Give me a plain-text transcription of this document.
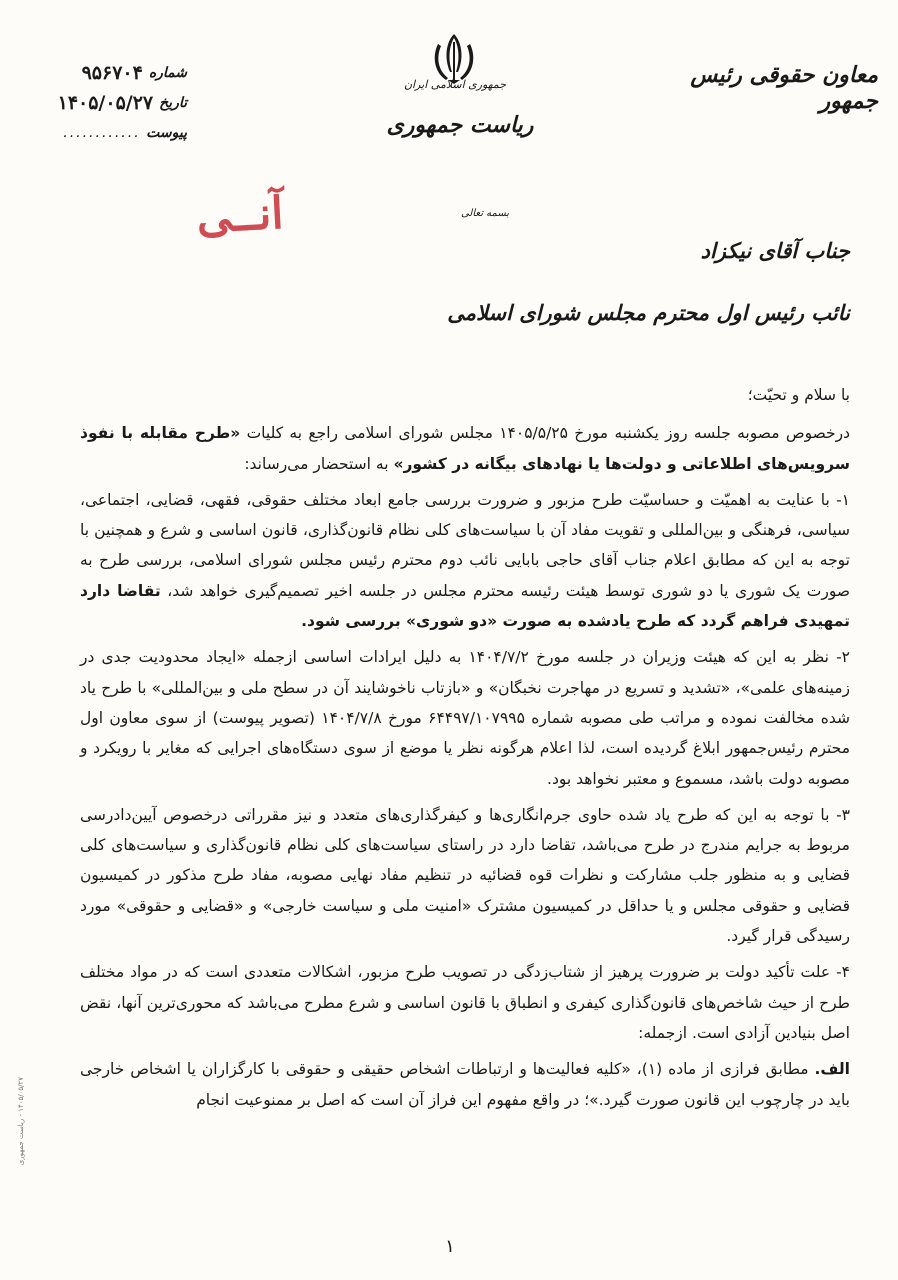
جمهوری اسلامی ایران
ریاست جمهوری
معاون حقوقی رئیس جمهور
شماره
۹۵۶۷۰۴
تاریخ
۱۴۰۵/۰۵/۲۷
پیوست
............
بسمه تعالی
آنــی
جناب آقای نیکزاد
نائب رئیس اول محترم مجلس شورای اسلامی

با سلام و تحیّت؛

درخصوص مصوبه جلسه روز یکشنبه مورخ ۱۴۰۵/۵/۲۵ مجلس شورای اسلامی راجع به کلیات «طرح مقابله با نفوذ سرویس‌های اطلاعاتی و دولت‌ها یا نهادهای بیگانه در کشور» به استحضار می‌رساند:

۱- با عنایت به اهمیّت و حساسیّت طرح مزبور و ضرورت بررسی جامع ابعاد مختلف حقوقی، فقهی، قضایی، اجتماعی، سیاسی، فرهنگی و بین‌المللی و تقویت مفاد آن با سیاست‌های کلی نظام قانون‌گذاری، قانون اساسی و شرع و همچنین با توجه به این که مطابق اعلام جناب آقای حاجی بابایی نائب دوم محترم رئیس مجلس شورای اسلامی، بررسی طرح به صورت یک شوری یا دو شوری توسط هیئت رئیسه محترم مجلس در جلسه اخیر تصمیم‌گیری خواهد شد، تقاضا دارد تمهیدی فراهم گردد که طرح یادشده به صورت «دو شوری» بررسی شود.

۲- نظر به این که هیئت وزیران در جلسه مورخ ۱۴۰۴/۷/۲ به دلیل ایرادات اساسی ازجمله «ایجاد محدودیت جدی در زمینه‌های علمی»، «تشدید و تسریع در مهاجرت نخبگان» و «بازتاب ناخوشایند آن در سطح ملی و بین‌المللی» با طرح یاد شده مخالفت نموده و مراتب طی مصوبه شماره ۶۴۴۹۷/۱۰۷۹۹۵ مورخ ۱۴۰۴/۷/۸ (تصویر پیوست) از سوی معاون اول محترم رئیس‌جمهور ابلاغ گردیده است، لذا اعلام هرگونه نظر یا موضع از سوی دستگاه‌های اجرایی که مغایر با رویکرد و مصوبه دولت باشد، مسموع و معتبر نخواهد بود.

۳- با توجه به این که طرح یاد شده حاوی جرم‌انگاری‌ها و کیفرگذاری‌های متعدد و نیز مقرراتی درخصوص آیین‌دادرسی مربوط به جرایم مندرج در طرح می‌باشد، تقاضا دارد در راستای سیاست‌های کلی نظام قانون‌گذاری و سیاست‌های کلی قضایی و به منظور جلب مشارکت و نظرات قوه قضائیه در تنظیم مفاد نهایی مصوبه، مفاد طرح مذکور در کمیسیون قضایی و حقوقی مجلس و یا حداقل در کمیسیون مشترک «امنیت ملی و سیاست خارجی» و «قضایی و حقوقی» مورد رسیدگی قرار گیرد.

۴- علت تأکید دولت بر ضرورت پرهیز از شتاب‌زدگی در تصویب طرح مزبور، اشکالات متعددی است که در مواد مختلف طرح از حیث شاخص‌های قانون‌گذاری کیفری و انطباق با قانون اساسی و شرع مطرح می‌باشد که محوری‌ترین آنها، نقض اصل بنیادین آزادی است. ازجمله:

الف. مطابق فرازی از ماده (۱)، «کلیه فعالیت‌ها و ارتباطات اشخاص حقیقی و حقوقی با کارگزاران یا اشخاص خارجی باید در چارچوب این قانون صورت گیرد.»؛ در واقع مفهوم این فراز آن است که اصل بر ممنوعیت انجام

۱
۱۴۰۵/۰۵/۲۷ - ریاست جمهوری
